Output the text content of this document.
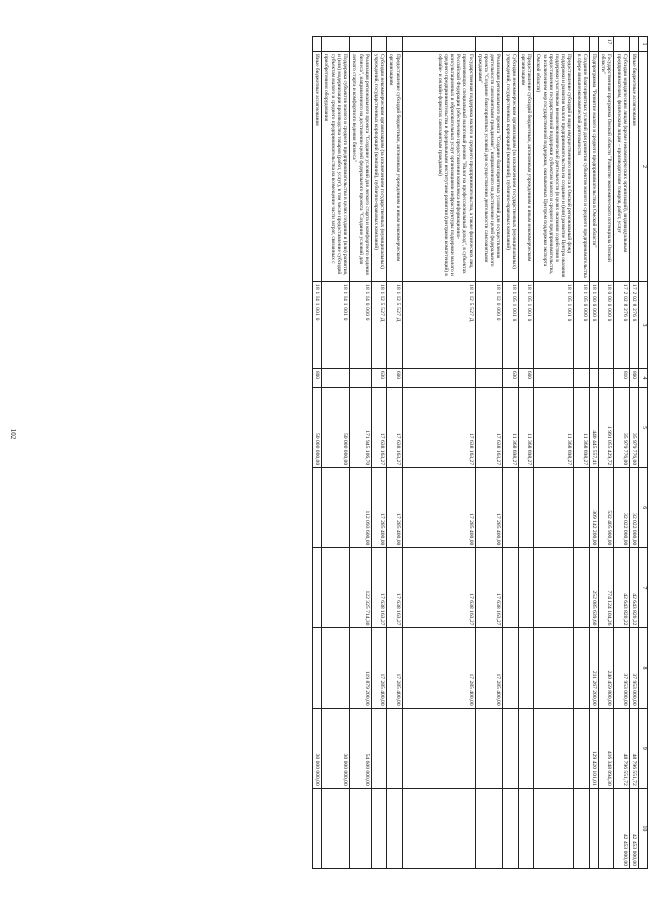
102
1	2	3	4	5	6	7	8	9	10
	Иные бюджетные ассигнования	17 2 02 8 276 0	800	35 979 776,00	32 022 000,00	42 643 820,22	37 953 000,00	48 796 551,72	42 453 000,00
	Субсидии юридическим лицам (кроме некоммерческих организаций), индивидуальным предпринимателям, физическим лицам – производителям товаров, работ, услуг	17 2 02 8 276 0	810	35 979 776,00	32 022 000,00	42 643 820,22	37 953 000,00	48 796 551,72	42 453 000,00
17	Государственная программа Омской области "Развитие экономического потенциала Омской области"	18 0 00 0 000 0		1 991 055 429,72	532 405 900,00	774 124 104,26	240 459 800,00	416 348 094,30	
	Подпрограмма "Развитие малого и среднего предпринимательства в Омской области"	18 1 00 0 000 0		440 445 557,41	309 142 200,00	252 085 639,60	211 267 200,00	129 420 101,01	
	Создание благоприятных условий для развития субъектов малого и среднего предпринимательства в сфере внешнеэкономической деятельности	18 1 05 0 000 0		11 368 698,27					
	Предоставление субсидий в виде имущественного взноса в Омской региональный фонд поддержки и развития малого предпринимательства на создание и (или) развитие Центра оказания поддержки участникам внешнеэкономической деятельности (в целях оказания содействия в предоставлении государственной поддержки субъектам малого и среднего предпринимательства, за исключением мер государственной поддержки, оказываемых Центром поддержки экспорта Омской области)	18 1 05 1 001 0		11 368 698,27					
	Предоставление субсидий бюджетным, автономным учреждениям и иным некоммерческим организациям	18 1 05 1 001 0	600	11 368 698,27					
	Субсидии некоммерческим организациям (за исключением государственных (муниципальных) учреждений, государственных корпораций (компаний), публично-правовых компаний)	18 1 05 1 001 0	630	11 368 698,27					
	Реализация регионального проекта "Создание благоприятных условий для осуществления деятельности самозанятыми гражданами", направленного на достижение целей федерального проекта "Создание благоприятных условий для осуществления деятельности самозанятыми гражданами"	18 1 I2 0 000 0		17 638 163,27	17 285 400,00	17 638 163,27	17 285 400,00		
	Государственная поддержка малого и среднего предпринимательства, а также физических лиц, применяющих специальный налоговый режим "Налог на профессиональный доход", в субъектах Российской Федерации (обеспечение предоставления комплекса информационно-консультационных и образовательных услуг организациями инфраструктуры поддержки малого и среднего предпринимательства и федеральными институтами развития (центрами компетенций) в офлайн- и онлайн-форматах самозанятым гражданам)	18 1 I2 5 527 Д		17 638 163,27	17 285 400,00	17 638 163,27	17 285 400,00		
	Предоставление субсидий бюджетным, автономным учреждениям и иным некоммерческим организациям	18 1 I2 5 527 Д	600	17 638 163,27	17 285 400,00	17 638 163,27	17 285 400,00		
	Субсидии некоммерческим организациям (за исключением государственных (муниципальных) учреждений, государственных корпораций (компаний), публично-правовых компаний)	18 1 I2 5 527 Д	630	17 638 163,27	17 285 400,00	17 638 163,27	17 285 400,00		
	Реализация регионального проекта "Создание условий для легкого старта и комфортного ведения бизнеса", направленного на достижение целей федерального проекта "Создание условий для легкого старта и комфортного ведения бизнеса"	18 1 I4 0 000 0		171 945 106,70	112 093 600,00	122 325 714,30	119 879 200,00	54 600 000,00	
	Поддержка субъектов малого и среднего предпринимательства в целях создания и (или) развития, и (или) модернизации производства товаров (работ, услуг), в том числе предоставление субсидий субъектам малого и среднего предпринимательства на возмещение части затрат, связанных с приобретением оборудования	18 1 I4 1 001 0		50 000 000,00				30 000 000,00	
	Иные бюджетные ассигнования	18 1 I4 1 001 0	800	50 000 000,00				30 000 000,00	
